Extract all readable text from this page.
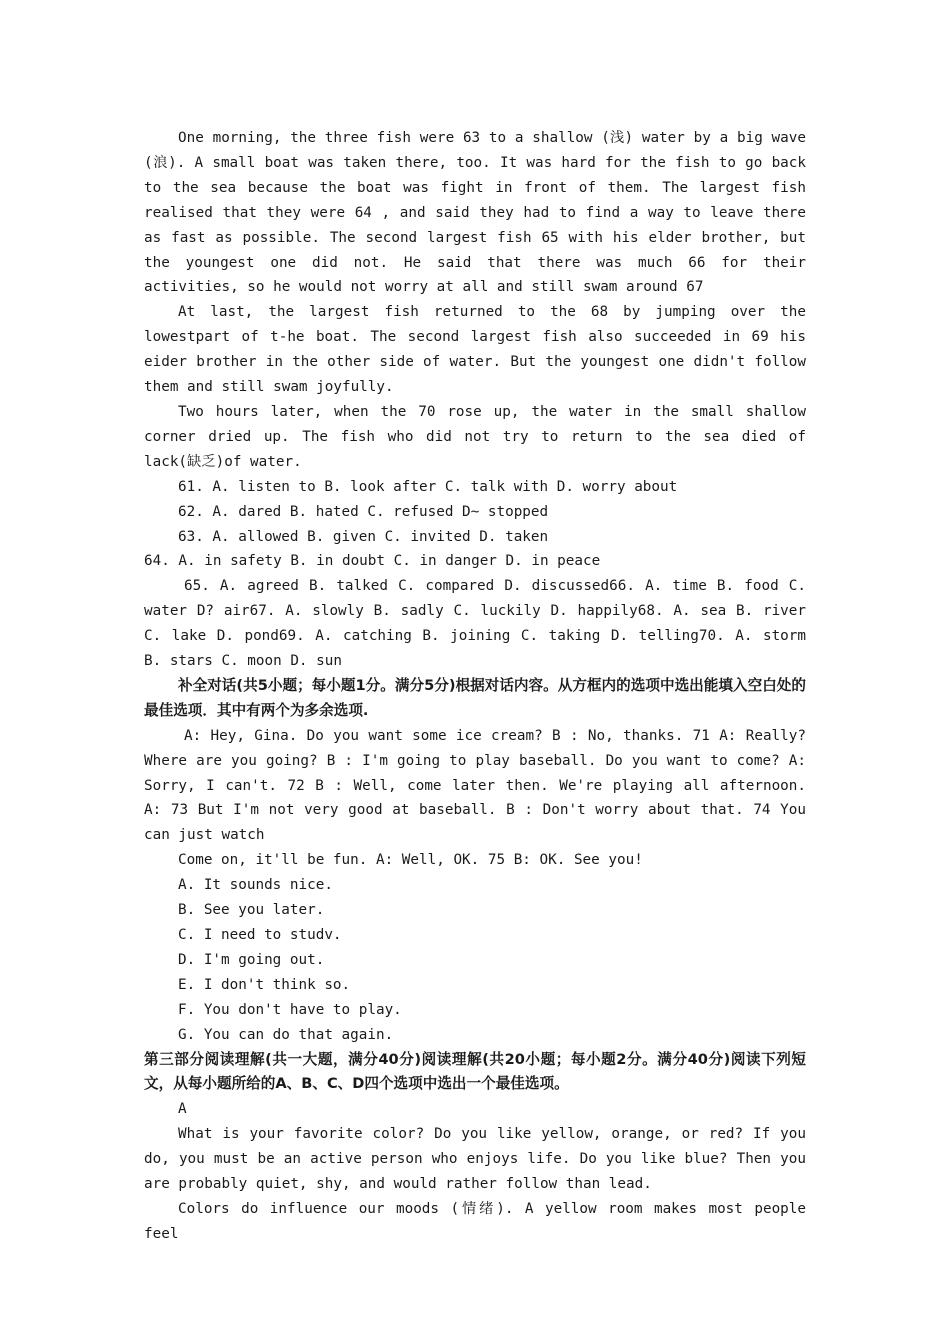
One morning, the three fish were 63 to a shallow (浅) water by a big wave (浪). A small boat was taken there, too. It was hard for the fish to go back to the sea because the boat was fight in front of them. The largest fish realised that they were 64 , and said they had to find a way to leave there as fast as possible. The second largest fish 65 with his elder brother, but the youngest one did not. He said that there was much 66 for their activities, so he would not worry at all and still swam around 67

At last, the largest fish returned to the 68 by jumping over the lowestpart of t-he boat. The second largest fish also succeeded in 69 his eider brother in the other side of water. But the youngest one didn't follow them and still swam joyfully.

Two hours later, when the 70 rose up, the water in the small shallow corner dried up. The fish who did not try to return to the sea died of lack(缺乏)of water.

61. A. listen to B. look after C. talk with D. worry about

62. A. dared B. hated C. refused D~ stopped

63. A. allowed B. given C. invited D. taken

64. A. in safety B. in doubt C. in danger D. in peace

65. A. agreed B. talked C. compared D. discussed66. A. time B. food C. water D? air67. A. slowly B. sadly C. luckily D. happily68. A. sea B. river C. lake D. pond69. A. catching B. joining C. taking D. telling70. A. storm B. stars C. moon D. sun

补全对话(共5小题；每小题1分。满分5分)根据对话内容。从方框内的选项中选出能填入空白处的最佳选项．其中有两个为多余选项.

A: Hey, Gina. Do you want some ice cream? B : No, thanks. 71 A: Really? Where are you going? B : I'm going to play baseball. Do you want to come? A: Sorry, I can't. 72 B : Well, come later then. We're playing all afternoon. A: 73 But I'm not very good at baseball. B : Don't worry about that. 74 You can just watch

Come on, it'll be fun. A: Well, OK. 75 B: OK. See you!

A. It sounds nice.

B. See you later.

C. I need to studv.

D. I'm going out.

E. I don't think so.

F. You don't have to play.

G. You can do that again.

第三部分阅读理解(共一大题，满分40分)阅读理解(共20小题；每小题2分。满分40分)阅读下列短文，从每小题所给的A、B、C、D四个选项中选出一个最佳选项。

A

What is your favorite color? Do you like yellow, orange, or red? If you do, you must be an active person who enjoys life. Do you like blue? Then you are probably quiet, shy, and would rather follow than lead.

Colors do influence our moods (情绪). A yellow room makes most people feel
